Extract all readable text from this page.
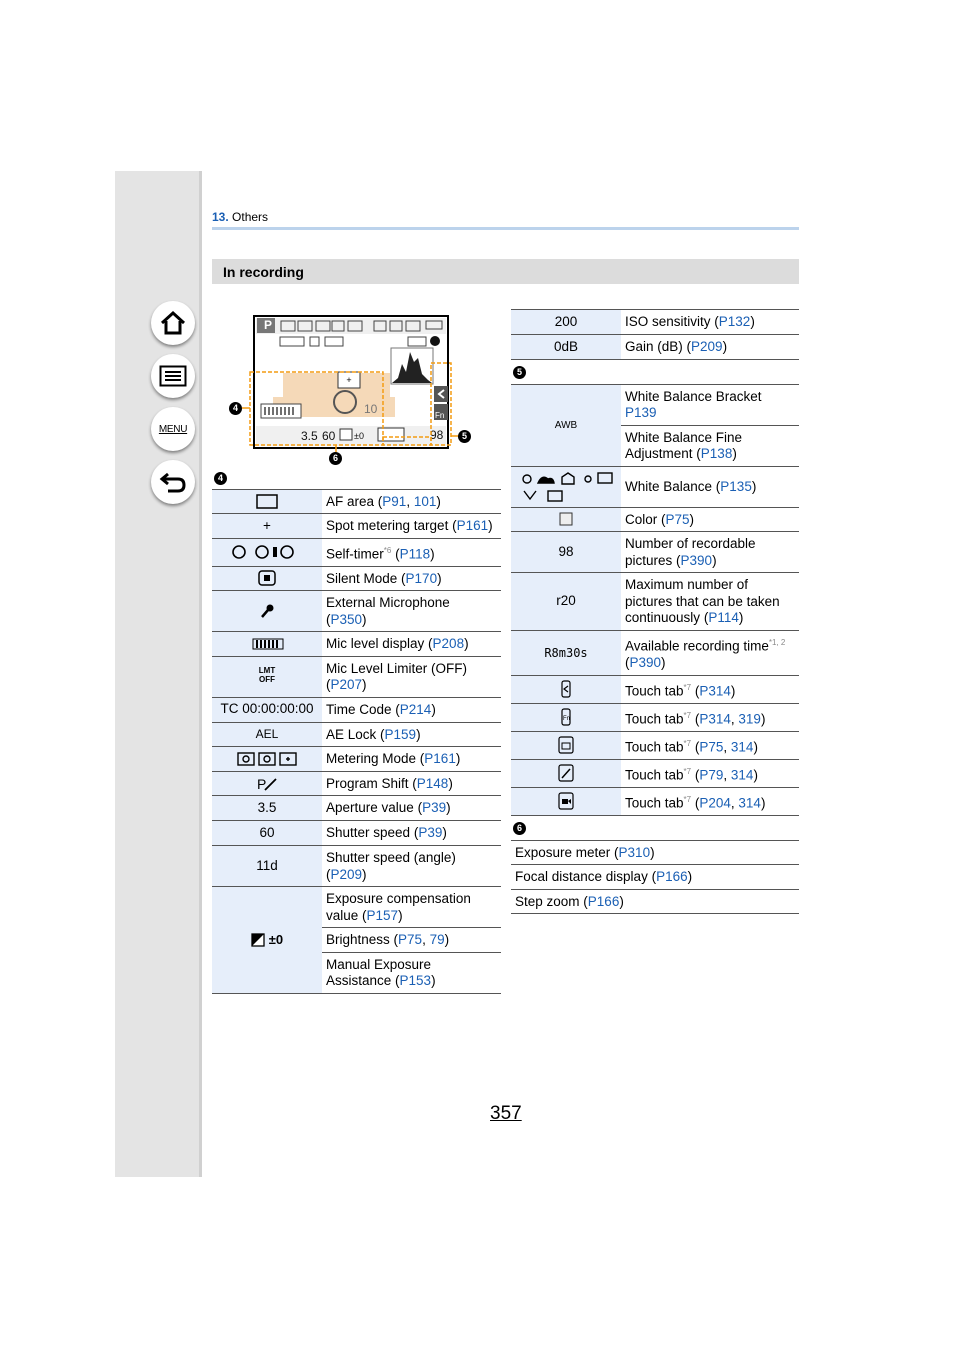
MENU
13. Others
In recording
+
P
10
3.5 60 ±0	98
Fn
4
5
6
4	
	AF area (P91, 101)
+	Spot metering target (P161)
	Self-timer$^{*6}$ (P118)
	Silent Mode (P170)
	External Microphone
(P350)
	Mic level display (P208)
LMT OFF	Mic Level Limiter (OFF)
(P207)
TC 00:00:00:00	Time Code (P214)
AEL	AE Lock (P159)
	Metering Mode (P161)

P	Program Shift (P148)
3.5	Aperture value (P39)
60	Shutter speed (P39)
11d	Shutter speed (angle)
(P209)
±0	Exposure compensation value (P157)
	Brightness (P75, 79)
	Manual Exposure Assistance (P153)
200	ISO sensitivity (P132)
0dB	Gain (dB) (P209)
5	
AWB	White Balance Bracket
P139
	White Balance Fine Adjustment (P138)
	White Balance (P135)
	Color (P75)
98	Number of recordable pictures (P390)
r20	Maximum number of pictures that can be taken continuously (P114)
R8m30s	Available recording time$^{*1, 2}$
(P390)
	Touch tab$^{*7}$ (P314)

Fn	Touch tab$^{*7}$ (P314, 319)
	Touch tab$^{*7}$ (P75, 314)
	Touch tab$^{*7}$ (P79, 314)
	Touch tab$^{*7}$ (P204, 314)
6	
Exposure meter (P310)	
Focal distance display (P166)	
Step zoom (P166)	
357
